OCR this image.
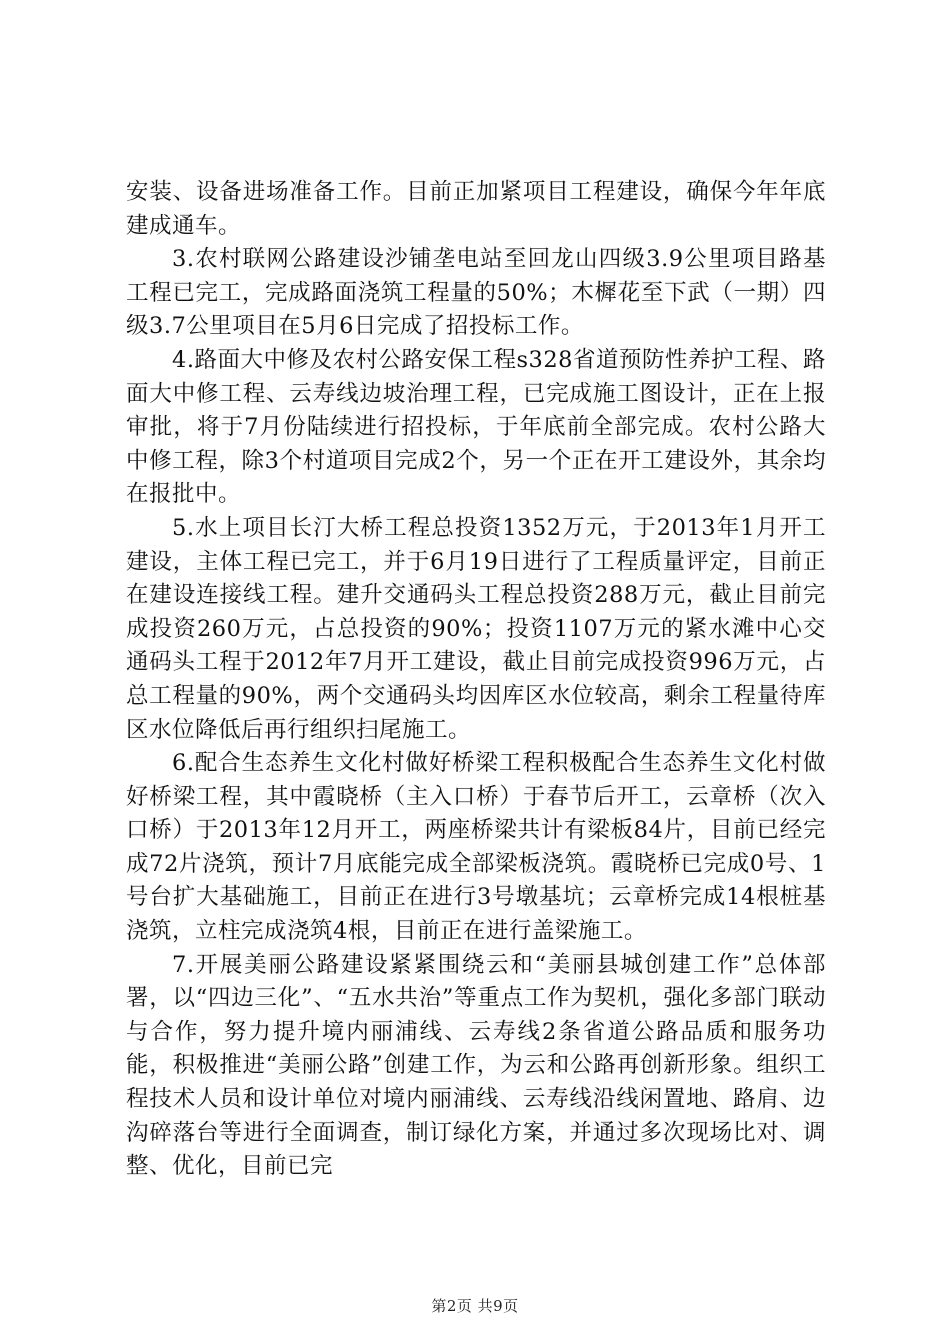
安装、设备进场准备工作。目前正加紧项目工程建设，确保今年年底建成通车。

3.农村联网公路建设沙铺垄电站至回龙山四级3.9公里项目路基工程已完工，完成路面浇筑工程量的50%；木樨花至下武（一期）四级3.7公里项目在5月6日完成了招投标工作。

4.路面大中修及农村公路安保工程s328省道预防性养护工程、路面大中修工程、云寿线边坡治理工程，已完成施工图设计，正在上报审批，将于7月份陆续进行招投标，于年底前全部完成。农村公路大中修工程，除3个村道项目完成2个，另一个正在开工建设外，其余均在报批中。

5.水上项目长汀大桥工程总投资1352万元，于2013年1月开工建设，主体工程已完工，并于6月19日进行了工程质量评定，目前正在建设连接线工程。建升交通码头工程总投资288万元，截止目前完成投资260万元，占总投资的90%；投资1107万元的紧水滩中心交通码头工程于2012年7月开工建设，截止目前完成投资996万元，占总工程量的90%，两个交通码头均因库区水位较高，剩余工程量待库区水位降低后再行组织扫尾施工。

6.配合生态养生文化村做好桥梁工程积极配合生态养生文化村做好桥梁工程，其中霞晓桥（主入口桥）于春节后开工，云章桥（次入口桥）于2013年12月开工，两座桥梁共计有梁板84片，目前已经完成72片浇筑，预计7月底能完成全部梁板浇筑。霞晓桥已完成0号、1号台扩大基础施工，目前正在进行3号墩基坑；云章桥完成14根桩基浇筑，立柱完成浇筑4根，目前正在进行盖梁施工。

7.开展美丽公路建设紧紧围绕云和“美丽县城创建工作”总体部署，以“四边三化”、“五水共治”等重点工作为契机，强化多部门联动与合作，努力提升境内丽浦线、云寿线2条省道公路品质和服务功能，积极推进“美丽公路”创建工作，为云和公路再创新形象。组织工程技术人员和设计单位对境内丽浦线、云寿线沿线闲置地、路肩、边沟碎落台等进行全面调查，制订绿化方案，并通过多次现场比对、调整、优化，目前已完

第2页 共9页
